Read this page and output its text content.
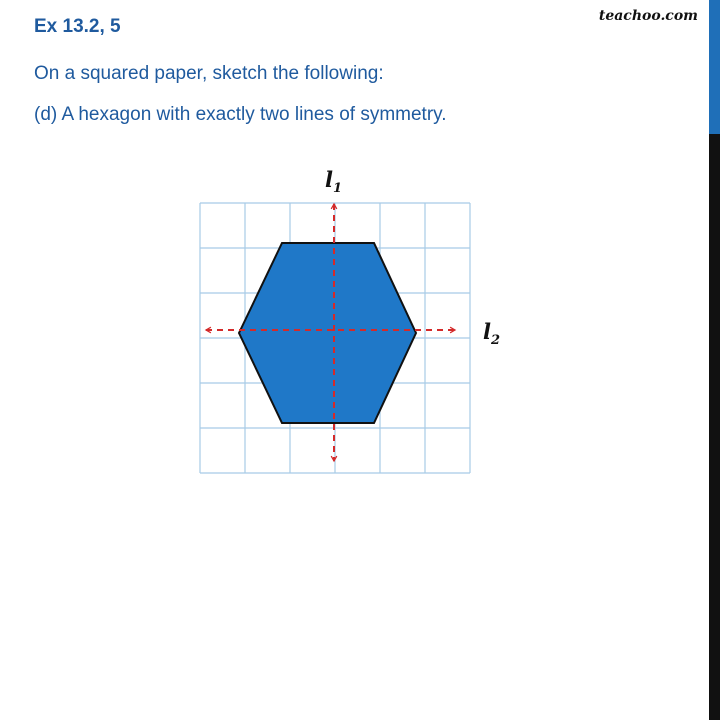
Ex 13.2, 5	teachoo.com
On a squared paper, sketch the following:
(d) A hexagon with exactly two lines of symmetry.
$l_1$
$l_2$
